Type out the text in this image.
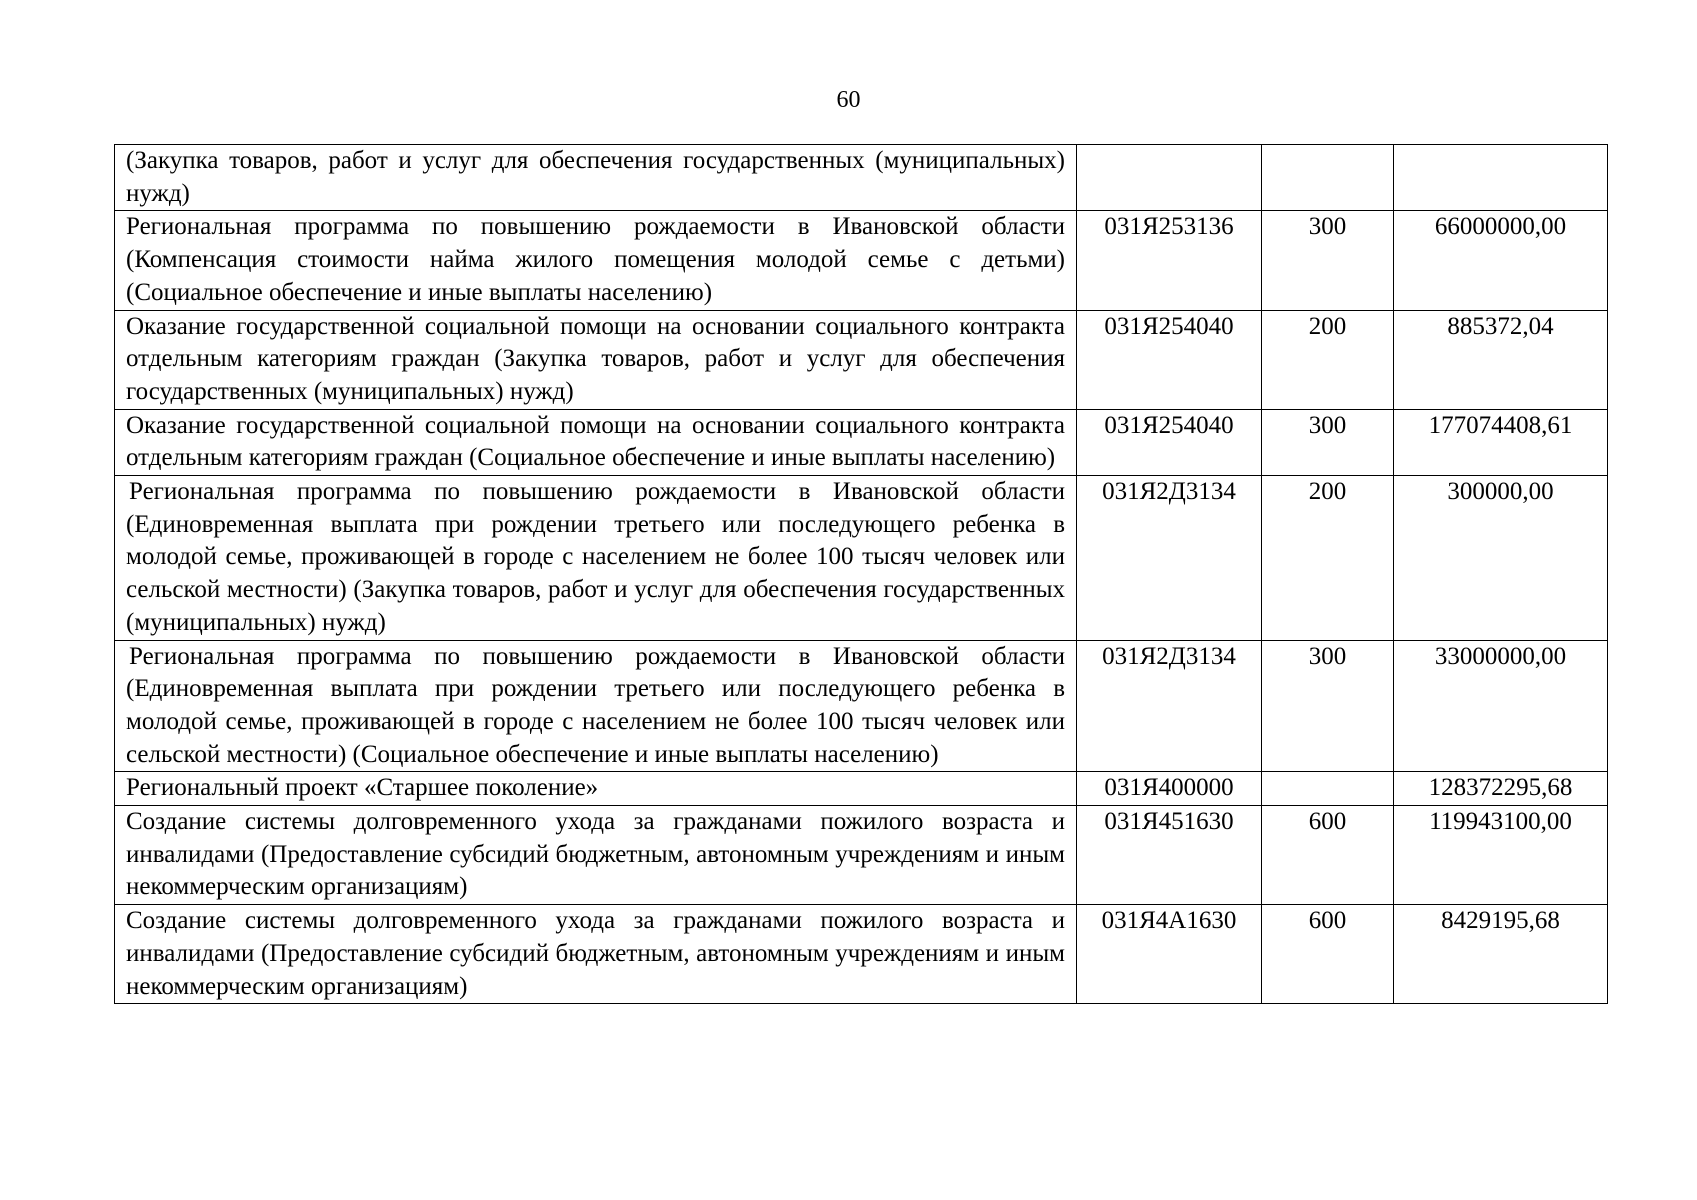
60
(Закупка товаров, работ и услуг для обеспечения государственных (муниципальных) нужд)			
Региональная программа по повышению рождаемости в Ивановской области (Компенсация стоимости найма жилого помещения молодой семье с детьми) (Социальное обеспечение и иные выплаты населению)	031Я253136	300	66000000,00
Оказание государственной социальной помощи на основании социального контракта отдельным категориям граждан (Закупка товаров, работ и услуг для обеспечения государственных (муниципальных) нужд)	031Я254040	200	885372,04
Оказание государственной социальной помощи на основании социального контракта отдельным категориям граждан (Социальное обеспечение и иные выплаты населению)	031Я254040	300	177074408,61
Региональная программа по повышению рождаемости в Ивановской области (Единовременная выплата при рождении третьего или последующего ребенка в молодой семье, проживающей в городе с населением не более 100 тысяч человек или сельской местности) (Закупка товаров, работ и услуг для обеспечения государственных (муниципальных) нужд)	031Я2Д3134	200	300000,00
Региональная программа по повышению рождаемости в Ивановской области (Единовременная выплата при рождении третьего или последующего ребенка в молодой семье, проживающей в городе с населением не более 100 тысяч человек или сельской местности) (Социальное обеспечение и иные выплаты населению)	031Я2Д3134	300	33000000,00
Региональный проект «Старшее поколение»	031Я400000		128372295,68
Создание системы долговременного ухода за гражданами пожилого возраста и инвалидами (Предоставление субсидий бюджетным, автономным учреждениям и иным некоммерческим организациям)	031Я451630	600	119943100,00
Создание системы долговременного ухода за гражданами пожилого возраста и инвалидами (Предоставление субсидий бюджетным, автономным учреждениям и иным некоммерческим организациям)	031Я4А1630	600	8429195,68
